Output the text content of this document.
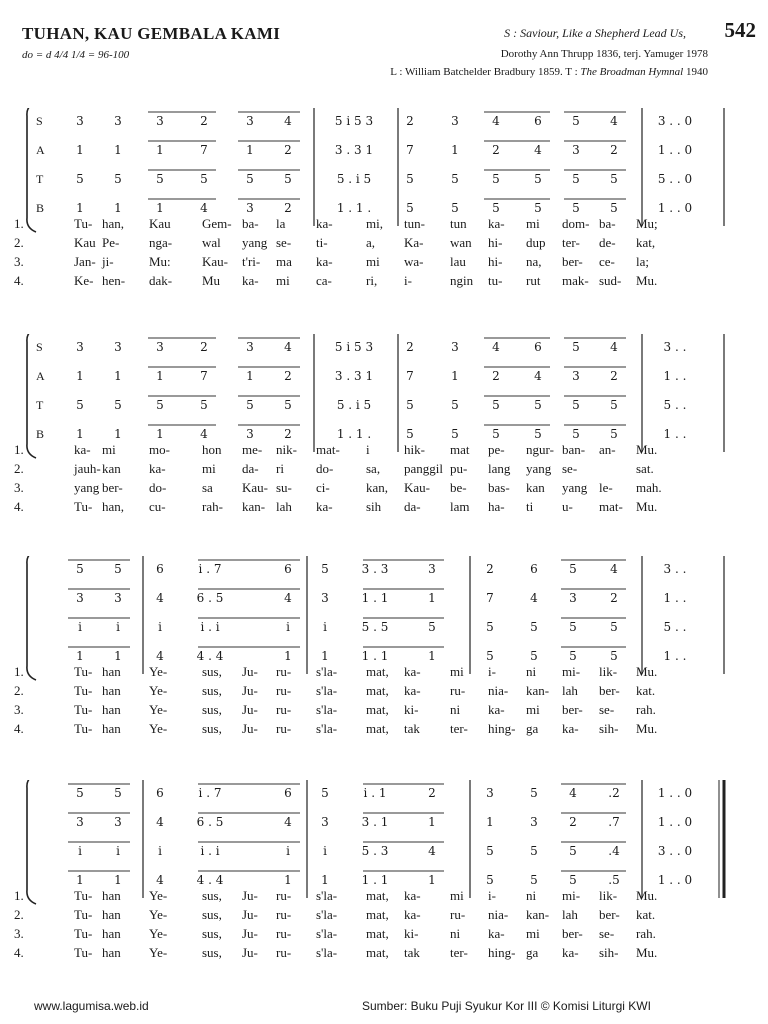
TUHAN, KAU GEMBALA KAMI
do = d 4/4 1/4 = 96-100
S : Saviour, Like a Shepherd Lead Us, 542
Dorothy Ann Thrupp 1836, terj. Yamuger 1978
L : William Batchelder Bradbury 1859. T : The Broadman Hymnal 1940
S	3	3	3	2	3	4	5 i 5 3	2	3	4	6	5	4	3 . . 0
A	1	1	1	7	1	2	3 . 3 1	7	1	2	4	3	2	1 . . 0
T	5	5	5	5	5	5	5 . i 5	5	5	5	5	5	5	5 . . 0
B	1	1	1	4	3	2	1 . 1 .	5	5	5	5	5	5	1 . . 0
1.	Tu- han, Kau Gem- ba- la ka-	mi, tun- tun ka- mi dom- ba- Mu;
2.	Kau Pe- nga- wal yang se- ti-	a, Ka- wan hi- dup ter- de- kat,
3.	Jan- ji-	Mu: Kau- t'ri- ma ka-	mi wa- lau hi- na, ber- ce- la;
4.	Ke- hen- dak- Mu ka- mi ca-	ri, i-	ngin tu- rut mak- sud- Mu.
S	3	3	3	2	3	4	5 i 5 3	2	3	4	6	5	4	3 . .
A	1	1	1	7	1	2	3 . 3 1	7	1	2	4	3	2	1 . .
T	5	5	5	5	5	5	5 . i 5	5	5	5	5	5	5	5 . .
B	1	1	1	4	3	2	1 . 1 .	5	5	5	5	5	5	1 . .
1.	ka- mi	mo- hon me- nik- mat- i	hik- mat pe- ngur- ban- an- Mu.
2.	jauh- kan ka-	mi da- ri do-	sa, panggil pu- lang yang se-	sat.
3.	yang ber- do-	sa Kau- su- ci-	kan, Kau- be- bas- kan yang le- mah.
4.	Tu- han, cu-	rah- kan- lah ka-	sih da- lam ha- ti u- mat- Mu.
5	5	6	i . 7	6 5	3 . 3	3	2	6	5	4	3 . .
3	3	4	6 . 5	4 3	1 . 1	1	7	4	3	2	1 . .
i	i	i	i . i	i	i	5 . 5	5	5	5	5	5	5 . .
1	1	4	4 . 4	1 1	1 . 1	1	5	5	5	5	1 . .
1.	Tu- han Ye-	sus, Ju- ru- s'la- mat, ka- mi i- ni mi- lik- Mu.
2.	Tu- han Ye-	sus, Ju- ru- s'la- mat, ka- ru- nia- kan- lah ber- kat.
3.	Tu- han Ye-	sus, Ju- ru- s'la- mat, ki- ni ka- mi ber- se- rah.
4.	Tu- han Ye-	sus, Ju- ru- s'la- mat, tak ter- hing- ga ka- sih- Mu.
5	5	6	i . 7	6 5	i . 1	2	3	5	4	.2	1 . . 0
3	3	4	6 . 5	4 3	3 . 1	1	1	3	2	.7	1 . . 0
i	i	i	i . i	i	i	5 . 3	4	5	5	5	.4	3 . . 0
1	1	4	4 . 4	1 1	1 . 1	1	5	5	5	.5	1 . . 0
1.	Tu- han Ye-	sus, Ju- ru- s'la- mat, ka- mi i- ni mi- lik- Mu.
2.	Tu- han Ye-	sus, Ju- ru- s'la- mat, ka- ru- nia- kan- lah ber- kat.
3.	Tu- han Ye-	sus, Ju- ru- s'la- mat, ki- ni ka- mi ber- se- rah.
4.	Tu- han Ye-	sus, Ju- ru- s'la- mat, tak ter- hing- ga ka- sih- Mu.
www.lagumisa.web.id	Sumber: Buku Puji Syukur Kor III © Komisi Liturgi KWI
